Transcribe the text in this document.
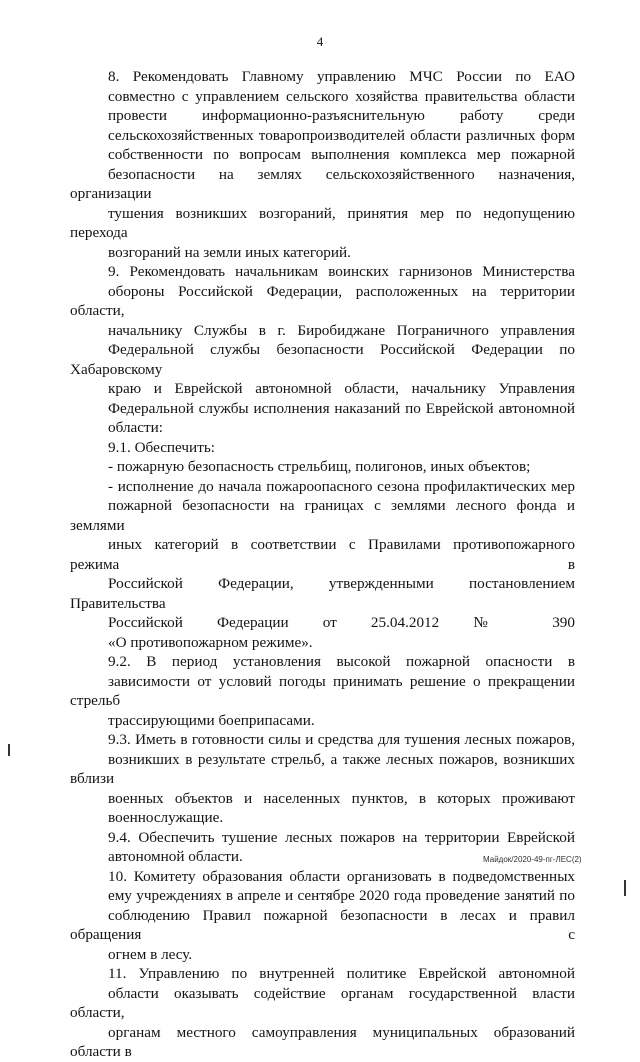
4

8. Рекомендовать Главному управлению МЧС России по ЕАО
совместно с управлением сельского хозяйства правительства области
провести информационно-разъяснительную работу среди
сельскохозяйственных товаропроизводителей области различных форм
собственности по вопросам выполнения комплекса мер пожарной
безопасности на землях сельскохозяйственного назначения, организации
тушения возникших возгораний, принятия мер по недопущению перехода
возгораний на земли иных категорий.

9. Рекомендовать начальникам воинских гарнизонов Министерства
обороны Российской Федерации, расположенных на территории области,
начальнику Службы в г. Биробиджане Пограничного управления
Федеральной службы безопасности Российской Федерации по Хабаровскому
краю и Еврейской автономной области, начальнику Управления
Федеральной службы исполнения наказаний по Еврейской автономной
области:

9.1. Обеспечить:

- пожарную безопасность стрельбищ, полигонов, иных объектов;

- исполнение до начала пожароопасного сезона профилактических мер
пожарной безопасности на границах с землями лесного фонда и землями
иных категорий в соответствии с Правилами противопожарного режима в
Российской Федерации, утвержденными постановлением Правительства
Российской Федерации от 25.04.2012 № 390
«О противопожарном режиме».

9.2. В период установления высокой пожарной опасности в
зависимости от условий погоды принимать решение о прекращении стрельб
трассирующими боеприпасами.

9.3. Иметь в готовности силы и средства для тушения лесных пожаров,
возникших в результате стрельб, а также лесных пожаров, возникших вблизи
военных объектов и населенных пунктов, в которых проживают
военнослужащие.

9.4. Обеспечить тушение лесных пожаров на территории Еврейской
автономной области.

10. Комитету образования области организовать в подведомственных
ему учреждениях в апреле и сентябре 2020 года проведение занятий по
соблюдению Правил пожарной безопасности в лесах и правил обращения с
огнем в лесу.

11. Управлению по внутренней политике Еврейской автономной
области оказывать содействие органам государственной власти области,
органам местного самоуправления муниципальных образований области в

Майдок/2020-49-пг-ЛЕС(2)
